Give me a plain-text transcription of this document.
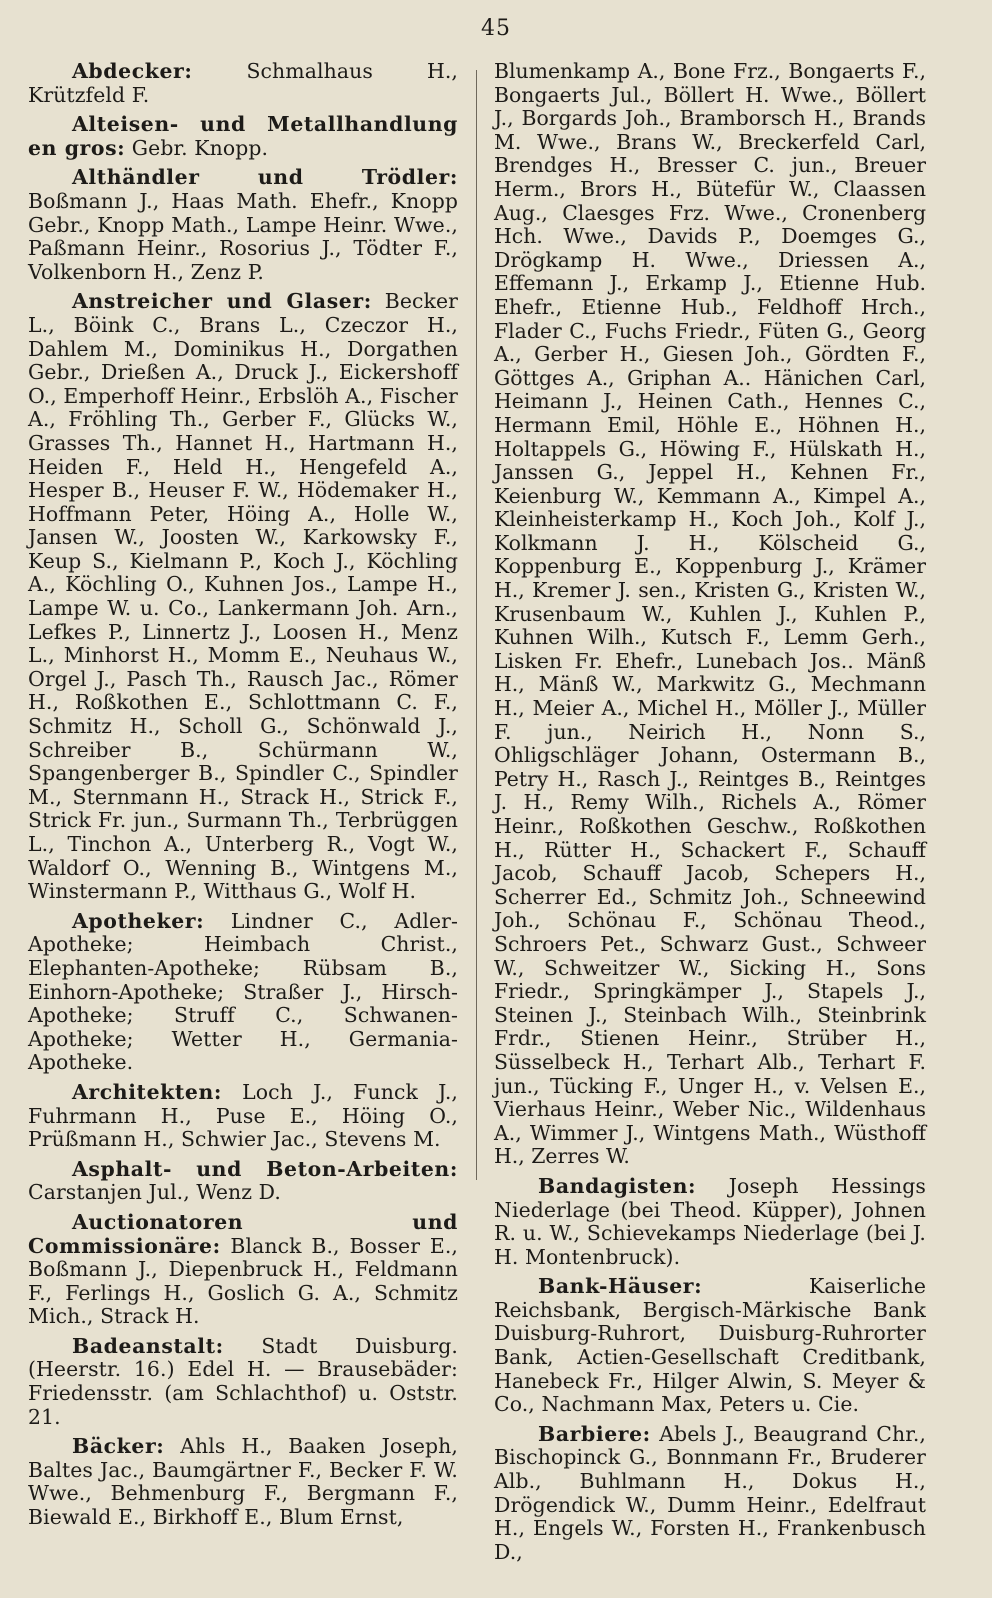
45

Abdecker:	Schmalhaus H., Krützfeld F.

Alteisen- und Metallhandlung en gros: Gebr. Knopp.

Althändler und Trödler: Boßmann J., Haas Math. Ehefr., Knopp Gebr., Knopp Math., Lampe Heinr. Wwe., Paßmann Heinr., Rosorius J., Tödter F., Volkenborn H., Zenz P.

Anstreicher und Glaser: Becker L., Böink C., Brans L., Czeczor H., Dahlem M., Dominikus H., Dorgathen Gebr., Drießen A., Druck J., Eickershoff O., Emperhoff Heinr., Erbslöh A., Fischer A., Fröhling Th., Gerber F., Glücks W., Grasses Th., Hannet H., Hartmann H., Heiden F., Held H., Hengefeld A., Hesper B., Heuser F. W., Hödemaker H., Hoffmann Peter, Höing A., Holle W., Jansen W., Joosten W., Karkowsky F., Keup S., Kielmann P., Koch J., Köchling A., Köchling O., Kuhnen Jos., Lampe H., Lampe W. u. Co., Lankermann Joh. Arn., Lefkes P., Linnertz J., Loosen H., Menz L., Minhorst H., Momm E., Neuhaus W., Orgel J., Pasch Th., Rausch Jac., Römer H., Roßkothen E., Schlottmann C. F., Schmitz H., Scholl G., Schönwald J., Schreiber B., Schürmann W., Spangenberger B., Spindler C., Spindler M., Sternmann H., Strack H., Strick F., Strick Fr. jun., Surmann Th., Terbrüggen L., Tinchon A., Unterberg R., Vogt W., Waldorf O., Wenning B., Wintgens M., Winstermann P., Witthaus G., Wolf H.

Apotheker: Lindner C., Adler-Apotheke; Heimbach Christ., Elephanten-Apotheke; Rübsam B., Einhorn-Apotheke; Straßer J., Hirsch-Apotheke; Struff C., Schwanen-Apotheke; Wetter H., Germania-Apotheke.

Architekten: Loch J., Funck J., Fuhrmann H., Puse E., Höing O., Prüßmann H., Schwier Jac., Stevens M.

Asphalt- und Beton-Arbeiten: Carstanjen Jul., Wenz D.

Auctionatoren und Commissionäre: Blanck B., Bosser E., Boßmann J., Diepenbruck H., Feldmann F., Ferlings H., Goslich G. A., Schmitz Mich., Strack H.

Badeanstalt: Stadt Duisburg. (Heerstr. 16.) Edel H. — Brausebäder: Friedensstr. (am Schlachthof) u. Oststr. 21.

Bäcker: Ahls H., Baaken Joseph, Baltes Jac., Baumgärtner F., Becker F. W. Wwe., Behmenburg F., Bergmann F., Biewald E., Birkhoff E., Blum Ernst,

Blumenkamp A., Bone Frz., Bongaerts F., Bongaerts Jul., Böllert H. Wwe., Böllert J., Borgards Joh., Bramborsch H., Brands M. Wwe., Brans W., Breckerfeld Carl, Brendges H., Bresser C. jun., Breuer Herm., Brors H., Bütefür W., Claassen Aug., Claesges Frz. Wwe., Cronenberg Hch. Wwe., Davids P., Doemges G., Drögkamp H. Wwe., Driessen A., Effemann J., Erkamp J., Etienne Hub. Ehefr., Etienne Hub., Feldhoff Hrch., Flader C., Fuchs Friedr., Füten G., Georg A., Gerber H., Giesen Joh., Gördten F., Göttges A., Griphan A.. Hänichen Carl, Heimann J., Heinen Cath., Hennes C., Hermann Emil, Höhle E., Höhnen H., Holtappels G., Höwing F., Hülskath H., Janssen G., Jeppel H., Kehnen Fr., Keienburg W., Kemmann A., Kimpel A., Kleinheisterkamp H., Koch Joh., Kolf J., Kolkmann J. H., Kölscheid G., Koppenburg E., Koppenburg J., Krämer H., Kremer J. sen., Kristen G., Kristen W., Krusenbaum W., Kuhlen J., Kuhlen P., Kuhnen Wilh., Kutsch F., Lemm Gerh., Lisken Fr. Ehefr., Lunebach Jos.. Mänß H., Mänß W., Markwitz G., Mechmann H., Meier A., Michel H., Möller J., Müller F. jun., Neirich H., Nonn S., Ohligschläger Johann, Ostermann B., Petry H., Rasch J., Reintges B., Reintges J. H., Remy Wilh., Richels A., Römer Heinr., Roßkothen Geschw., Roßkothen H., Rütter H., Schackert F., Schauff Jacob, Schauff Jacob, Schepers H., Scherrer Ed., Schmitz Joh., Schneewind Joh., Schönau F., Schönau Theod., Schroers Pet., Schwarz Gust., Schweer W., Schweitzer W., Sicking H., Sons Friedr., Springkämper J., Stapels J., Steinen J., Steinbach Wilh., Steinbrink Frdr., Stienen Heinr., Strüber H., Süsselbeck H., Terhart Alb., Terhart F. jun., Tücking F., Unger H., v. Velsen E., Vierhaus Heinr., Weber Nic., Wildenhaus A., Wimmer J., Wintgens Math., Wüsthoff H., Zerres W.

Bandagisten: Joseph Hessings Niederlage (bei Theod. Küpper), Johnen R. u. W., Schievekamps Niederlage (bei J. H. Montenbruck).

Bank-Häuser:	Kaiserliche Reichsbank, Bergisch-Märkische Bank Duisburg-Ruhrort, Duisburg-Ruhrorter Bank, Actien-Gesellschaft Creditbank, Hanebeck Fr., Hilger Alwin, S. Meyer & Co., Nachmann Max, Peters u. Cie.

Barbiere: Abels J., Beaugrand Chr., Bischopinck G., Bonnmann Fr., Bruderer Alb., Buhlmann H., Dokus H., Drögendick W., Dumm Heinr., Edelfraut H., Engels W., Forsten H., Frankenbusch D.,
